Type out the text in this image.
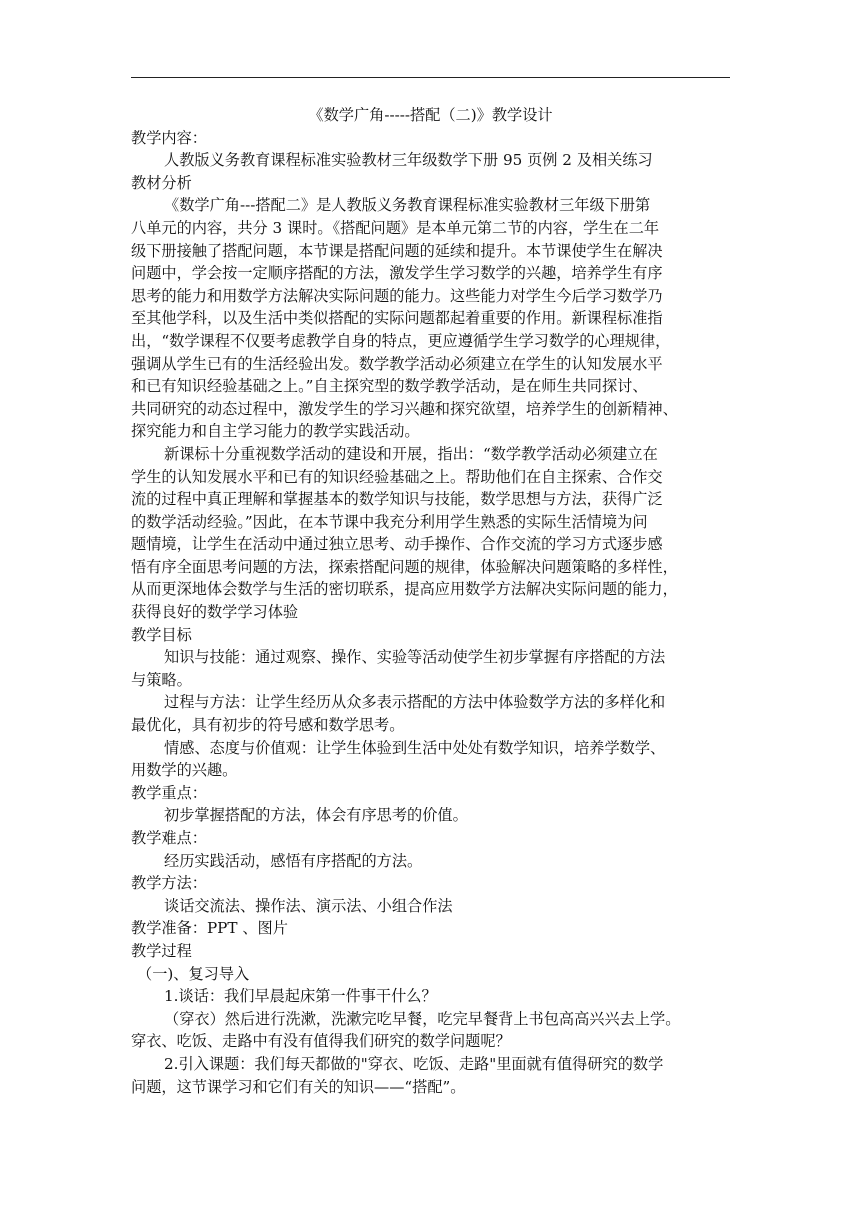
《数学广角-----搭配（二)》教学设计

教学内容：

人教版义务教育课程标准实验教材三年级数学下册 95 页例 2 及相关练习

教材分析

《数学广角---搭配二》是人教版义务教育课程标准实验教材三年级下册第

八单元的内容，共分 3 课时。《搭配问题》是本单元第二节的内容，学生在二年

级下册接触了搭配问题，本节课是搭配问题的延续和提升。本节课使学生在解决

问题中，学会按一定顺序搭配的方法，激发学生学习数学的兴趣，培养学生有序

思考的能力和用数学方法解决实际问题的能力。这些能力对学生今后学习数学乃

至其他学科，以及生活中类似搭配的实际问题都起着重要的作用。新课程标准指

出，“数学课程不仅要考虑教学自身的特点，更应遵循学生学习数学的心理规律，

强调从学生已有的生活经验出发。数学教学活动必须建立在学生的认知发展水平

和已有知识经验基础之上。”自主探究型的数学教学活动，是在师生共同探讨、

共同研究的动态过程中，激发学生的学习兴趣和探究欲望，培养学生的创新精神、

探究能力和自主学习能力的教学实践活动。

新课标十分重视数学活动的建设和开展，指出：“数学教学活动必须建立在

学生的认知发展水平和已有的知识经验基础之上。帮助他们在自主探索、合作交

流的过程中真正理解和掌握基本的数学知识与技能，数学思想与方法，获得广泛

的数学活动经验。”因此，在本节课中我充分利用学生熟悉的实际生活情境为问

题情境，让学生在活动中通过独立思考、动手操作、合作交流的学习方式逐步感

悟有序全面思考问题的方法，探索搭配问题的规律，体验解决问题策略的多样性，

从而更深地体会数学与生活的密切联系，提高应用数学方法解决实际问题的能力，

获得良好的数学学习体验

教学目标

知识与技能：通过观察、操作、实验等活动使学生初步掌握有序搭配的方法

与策略。

过程与方法：让学生经历从众多表示搭配的方法中体验数学方法的多样化和

最优化，具有初步的符号感和数学思考。

情感、态度与价值观：让学生体验到生活中处处有数学知识，培养学数学、

用数学的兴趣。

教学重点：

初步掌握搭配的方法，体会有序思考的价值。

教学难点：

经历实践活动，感悟有序搭配的方法。

教学方法：

谈话交流法、操作法、演示法、小组合作法

教学准备：PPT 、图片

教学过程

（一)、复习导入

1.谈话：我们早晨起床第一件事干什么？

（穿衣）然后进行洗漱，洗漱完吃早餐，吃完早餐背上书包高高兴兴去上学。

穿衣、吃饭、走路中有没有值得我们研究的数学问题呢？

2.引入课题：我们每天都做的"穿衣、吃饭、走路"里面就有值得研究的数学

问题，这节课学习和它们有关的知识——“搭配”。
